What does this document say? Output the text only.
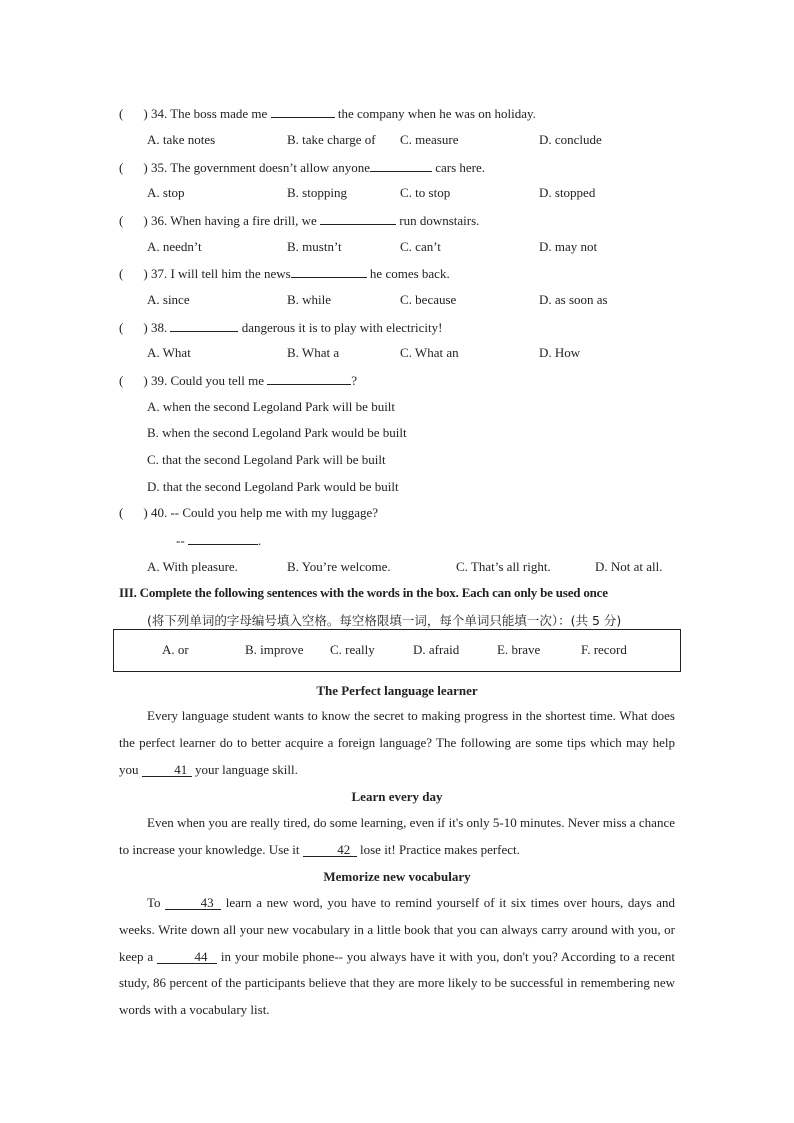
( ) 34. The boss made me	the company when he was on holiday.
A. take notes	B. take charge of C. measure	D. conclude
( ) 35. The government doesn’t allow anyone	cars here.
A. stop	B. stopping	C. to stop	D. stopped
( ) 36. When having a fire drill, we	run downstairs.
A. needn’t	B. mustn’t	C. can’t	D. may not
( ) 37. I will tell him the news	he comes back.
A. since	B. while	C. because	D. as soon as
( ) 38.	dangerous it is to play with electricity!
A. What	B. What a	C. What an	D. How
( ) 39. Could you tell me	?
A. when the second Legoland Park will be built
B. when the second Legoland Park would be built
C. that the second Legoland Park will be built
D. that the second Legoland Park would be built
( ) 40. -- Could you help me with my luggage?
--	.
A. With pleasure.	B. You’re welcome.	C. That’s all right.	D. Not at all.
III. Complete the following sentences with the words in the box. Each can only be used once
(将下列单词的字母编号填入空格。每空格限填一词，每个单词只能填一次）：(共 5 分)
A. or	B. improve C. really	D. afraid	E. brave	F. record
The Perfect language learner
Every language student wants to know the secret to making progress in the shortest time. What does the perfect learner do to better acquire a foreign language? The following are some tips which may help you	41 your language skill.
Learn every day
Even when you are really tired, do some learning, even if it's only 5-10 minutes. Never miss a chance to increase your knowledge. Use it	42 lose it! Practice makes perfect.
Memorize new vocabulary
To	43 learn a new word, you have to remind yourself of it six times over hours, days and weeks. Write down all your new vocabulary in a little book that you can always carry around with you, or keep a	44 in your mobile phone-- you always have it with you, don't you? According to a recent study, 86 percent of the participants believe that they are more likely to be successful in remembering new words with a vocabulary list.
